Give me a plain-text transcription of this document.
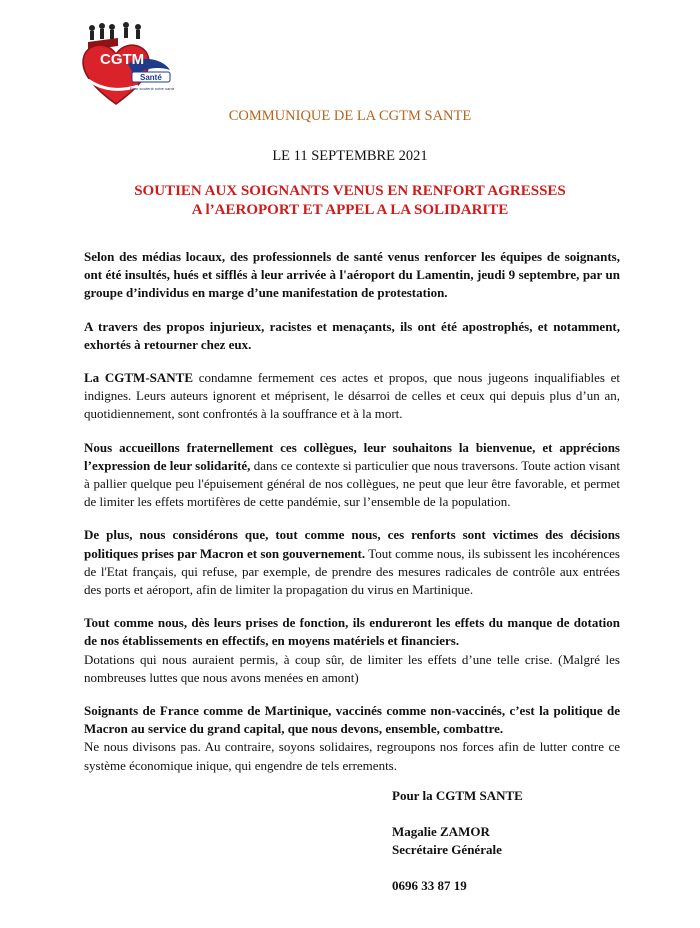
CGTM
Santé
Pour soutenir notre santé
COMMUNIQUE DE LA CGTM SANTE
LE 11 SEPTEMBRE 2021
SOUTIEN AUX SOIGNANTS VENUS EN RENFORT AGRESSES
A l’AEROPORT ET APPEL A LA SOLIDARITE

Selon des médias locaux, des professionnels de santé venus renforcer les équipes de soignants, ont été insultés, hués et sifflés à leur arrivée à l'aéroport du Lamentin, jeudi 9 septembre, par un groupe d’individus en marge d’une manifestation de protestation.

A travers des propos injurieux, racistes et menaçants, ils ont été apostrophés, et notamment, exhortés à retourner chez eux.

La CGTM-SANTE condamne fermement ces actes et propos, que nous jugeons inqualifiables et indignes. Leurs auteurs ignorent et méprisent, le désarroi de celles et ceux qui depuis plus d’un an, quotidiennement, sont confrontés à la souffrance et à la mort.

Nous accueillons fraternellement ces collègues, leur souhaitons la bienvenue, et apprécions l’expression de leur solidarité, dans ce contexte si particulier que nous traversons. Toute action visant à pallier quelque peu l'épuisement général de nos collègues, ne peut que leur être favorable, et permet de limiter les effets mortifères de cette pandémie, sur l’ensemble de la population.

De plus, nous considérons que, tout comme nous, ces renforts sont victimes des décisions politiques prises par Macron et son gouvernement. Tout comme nous, ils subissent les incohérences de l'Etat français, qui refuse, par exemple, de prendre des mesures radicales de contrôle aux entrées des ports et aéroport, afin de limiter la propagation du virus en Martinique.

Tout comme nous, dès leurs prises de fonction, ils endureront les effets du manque de dotation de nos établissements en effectifs, en moyens matériels et financiers.
Dotations qui nous auraient permis, à coup sûr, de limiter les effets d’une telle crise. (Malgré les nombreuses luttes que nous avons menées en amont)

Soignants de France comme de Martinique, vaccinés comme non-vaccinés, c’est la politique de Macron au service du grand capital, que nous devons, ensemble, combattre.
Ne nous divisons pas. Au contraire, soyons solidaires, regroupons nos forces afin de lutter contre ce système économique inique, qui engendre de tels errements.

Pour la CGTM SANTE
Magalie ZAMOR
Secrétaire Générale
0696 33 87 19
